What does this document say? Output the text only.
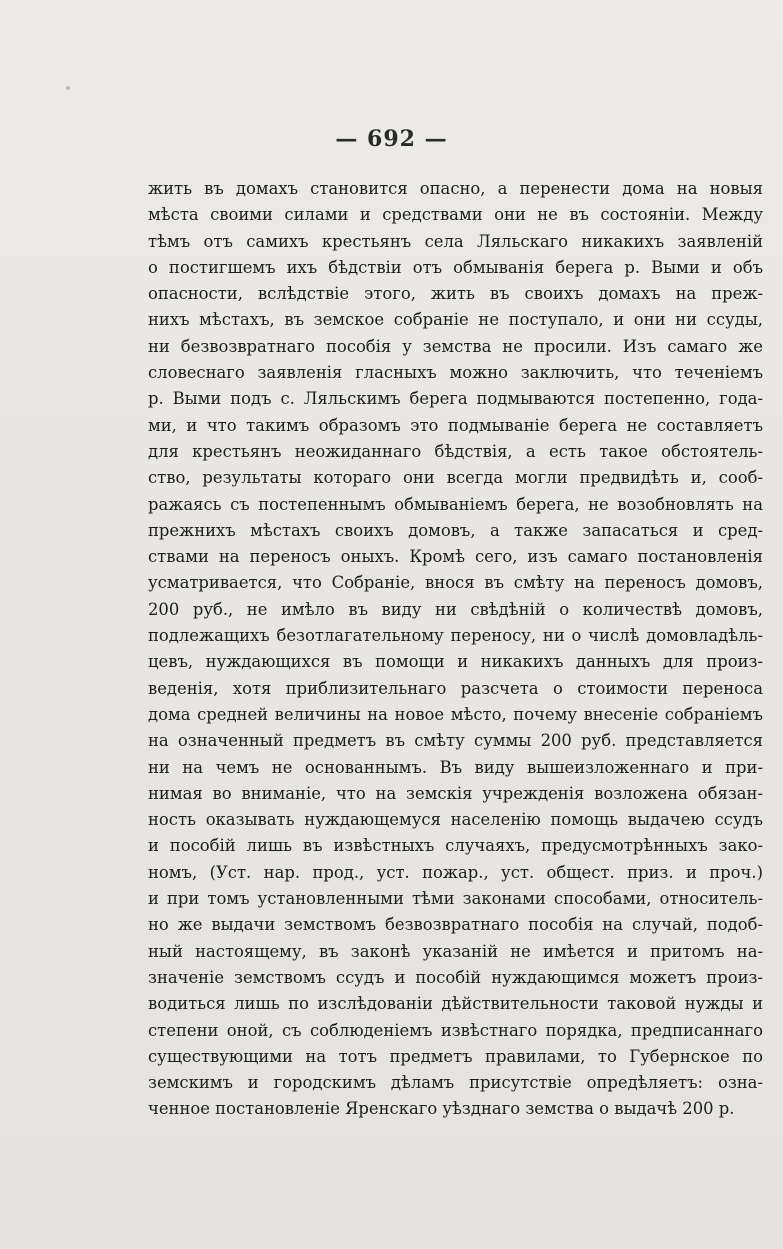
— 692 —
жить въ домахъ становится опасно, а перенести дома на новыя
мѣста своими силами и средствами они не въ состояніи. Между
тѣмъ отъ самихъ крестьянъ села Ляльскаго никакихъ заявленій
о постигшемъ ихъ бѣдствіи отъ обмыванія берега р. Выми и объ
опасности, вслѣдствіе этого, жить въ своихъ домахъ на преж-
нихъ мѣстахъ, въ земское собраніе не поступало, и они ни ссуды,
ни безвозвратнаго пособія у земства не просили. Изъ самаго же
словеснаго заявленія гласныхъ можно заключить, что теченіемъ
р. Выми подъ с. Ляльскимъ берега подмываются постепенно, года-
ми, и что такимъ образомъ это подмываніе берега не составляетъ
для крестьянъ неожиданнаго бѣдствія, а есть такое обстоятель-
ство, результаты котораго они всегда могли предвидѣть и, сооб-
ражаясь съ постепеннымъ обмываніемъ берега, не возобновлять на
прежнихъ мѣстахъ своихъ домовъ, а также запасаться и сред-
ствами на переносъ оныхъ. Кромѣ сего, изъ самаго постановленія
усматривается, что Собраніе, внося въ смѣту на переносъ домовъ,
200 руб., не имѣло въ виду ни свѣдѣній о количествѣ домовъ,
подлежащихъ безотлагательному переносу, ни о числѣ домовладѣль-
цевъ, нуждающихся въ помощи и никакихъ данныхъ для произ-
веденія, хотя приблизительнаго разсчета о стоимости переноса
дома средней величины на новое мѣсто, почему внесеніе собраніемъ
на означенный предметъ въ смѣту суммы 200 руб. представляется
ни на чемъ не основаннымъ. Въ виду вышеизложеннаго и при-
нимая во вниманіе, что на земскія учрежденія возложена обязан-
ность оказывать нуждающемуся населенію помощь выдачею ссудъ
и пособій лишь въ извѣстныхъ случаяхъ, предусмотрѣнныхъ зако-
номъ, (Уст. нар. прод., уст. пожар., уст. общест. приз. и проч.)
и при томъ установленными тѣми законами способами, относитель-
но же выдачи земствомъ безвозвратнаго пособія на случай, подоб-
ный настоящему, въ законѣ указаній не имѣется и притомъ на-
значеніе земствомъ ссудъ и пособій нуждающимся можетъ произ-
водиться лишь по изслѣдованіи дѣйствительности таковой нужды и
степени оной, съ соблюденіемъ извѣстнаго порядка, предписаннаго
существующими на тотъ предметъ правилами, то Губернское по
земскимъ и городскимъ дѣламъ присутствіе опредѣляетъ: озна-
ченное постановленіе Яренскаго уѣзднаго земства о выдачѣ 200 р.
